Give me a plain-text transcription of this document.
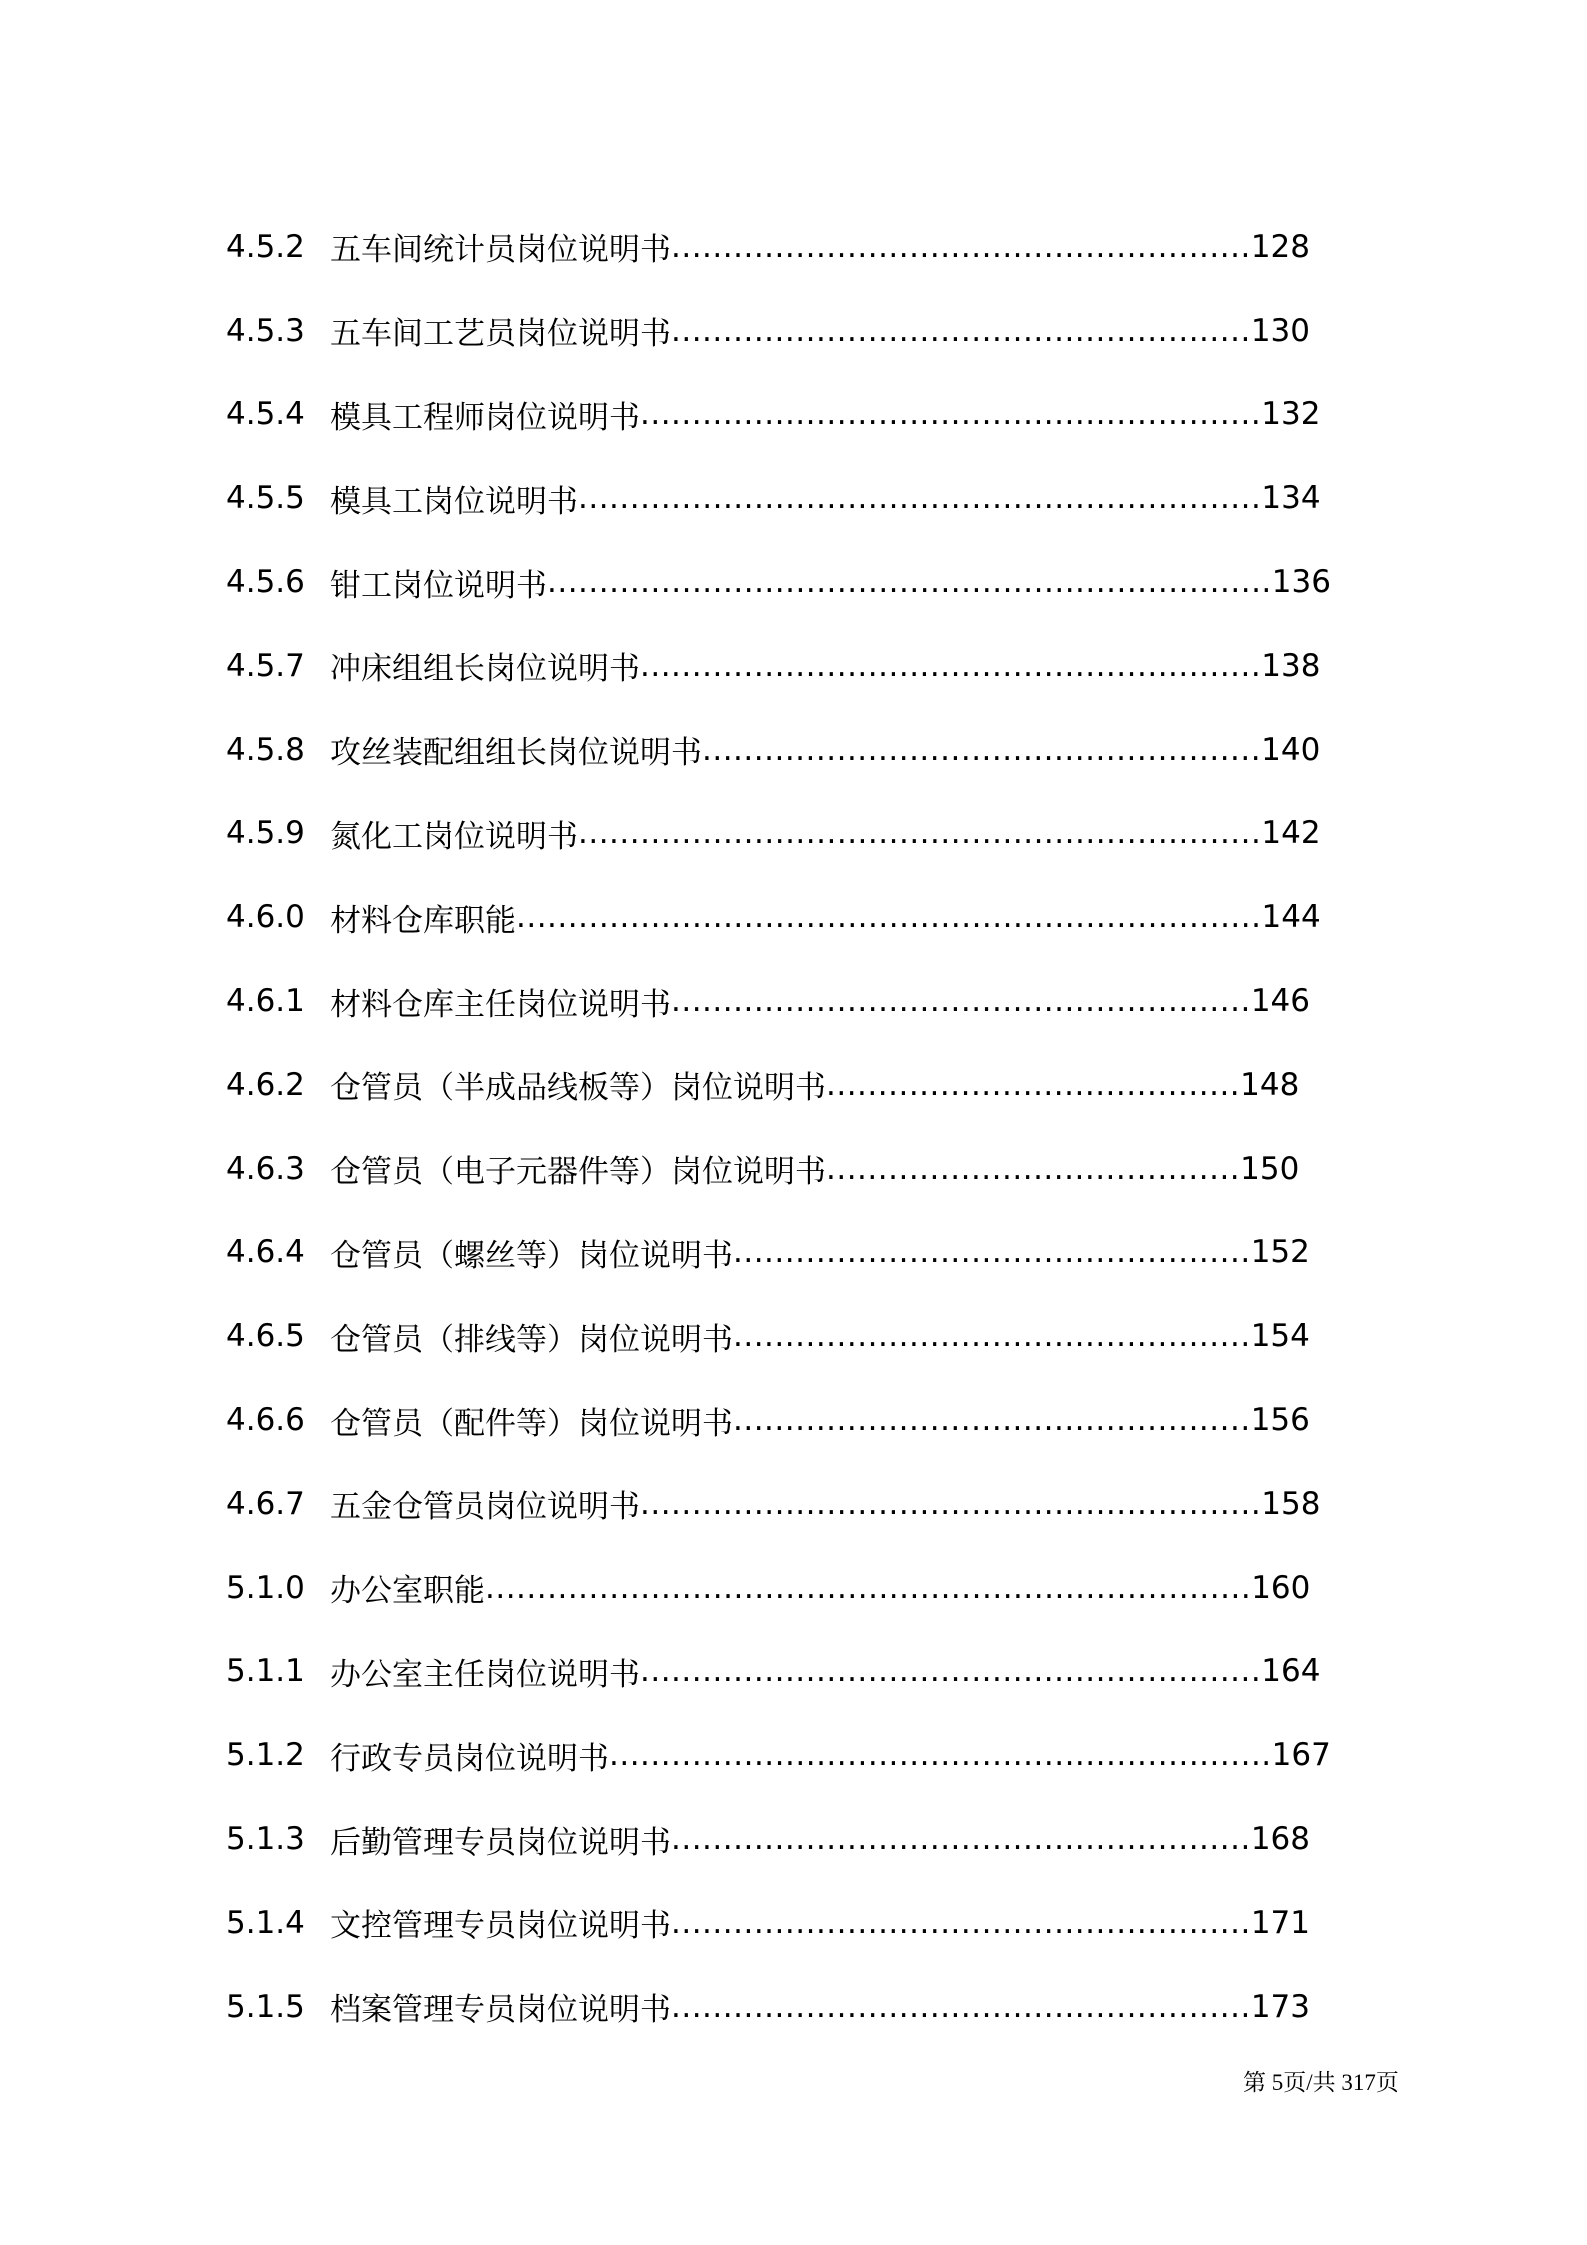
4.5.2 五车间统计员岗位说明书 ........................................................ 128
4.5.3 五车间工艺员岗位说明书 ........................................................ 130
4.5.4 模具工程师岗位说明书 ............................................................ 132
4.5.5 模具工岗位说明书 .................................................................. 134
4.5.6 钳工岗位说明书 ...................................................................... 136
4.5.7 冲床组组长岗位说明书 ............................................................ 138
4.5.8 攻丝装配组组长岗位说明书 ...................................................... 140
4.5.9 氮化工岗位说明书 .................................................................. 142
4.6.0 材料仓库职能 ........................................................................ 144
4.6.1 材料仓库主任岗位说明书 ........................................................ 146
4.6.2 仓管员（半成品线板等）岗位说明书 ........................................ 148
4.6.3 仓管员（电子元器件等）岗位说明书 ........................................ 150
4.6.4 仓管员（螺丝等）岗位说明书 .................................................. 152
4.6.5 仓管员（排线等）岗位说明书 .................................................. 154
4.6.6 仓管员（配件等）岗位说明书 .................................................. 156
4.6.7 五金仓管员岗位说明书 ............................................................ 158
5.1.0 办公室职能 .......................................................................... 160
5.1.1 办公室主任岗位说明书 ............................................................ 164
5.1.2 行政专员岗位说明书 ................................................................ 167
5.1.3 后勤管理专员岗位说明书 ........................................................ 168
5.1.4 文控管理专员岗位说明书 ........................................................ 171
5.1.5 档案管理专员岗位说明书 ........................................................ 173
第 5页/共 317页
